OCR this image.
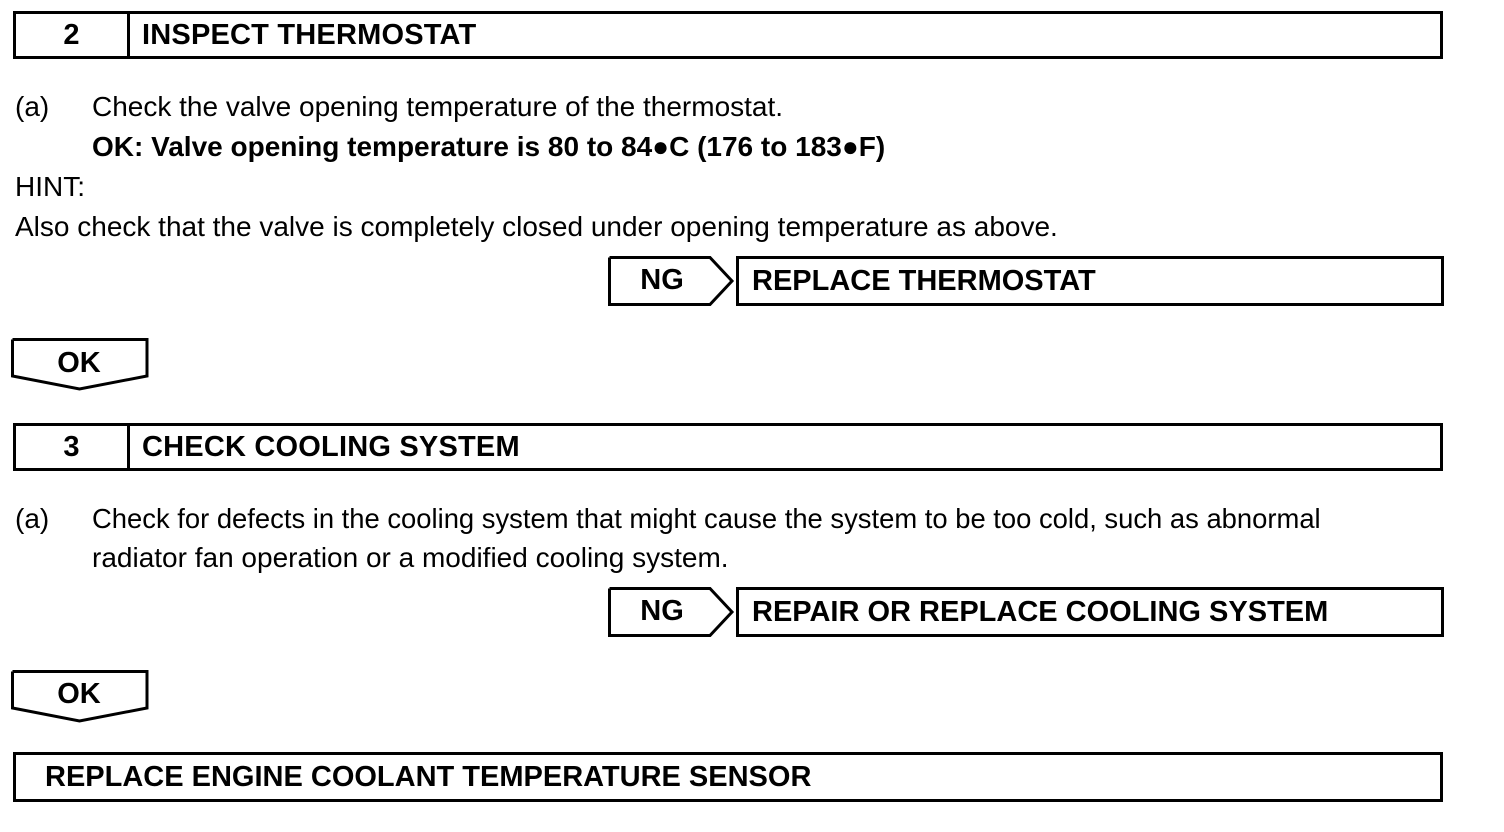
2	INSPECT THERMOSTAT
(a) Check the valve opening temperature of the thermostat.
OK: Valve opening temperature is 80 to 84●C (176 to 183●F)
HINT:
Also check that the valve is completely closed under opening temperature as above.
NG	REPLACE THERMOSTAT
OK
3	CHECK COOLING SYSTEM
(a) Check for defects in the cooling system that might cause the system to be too cold, such as abnormal
radiator fan operation or a modified cooling system.
NG	REPAIR OR REPLACE COOLING SYSTEM
OK
REPLACE ENGINE COOLANT TEMPERATURE SENSOR
